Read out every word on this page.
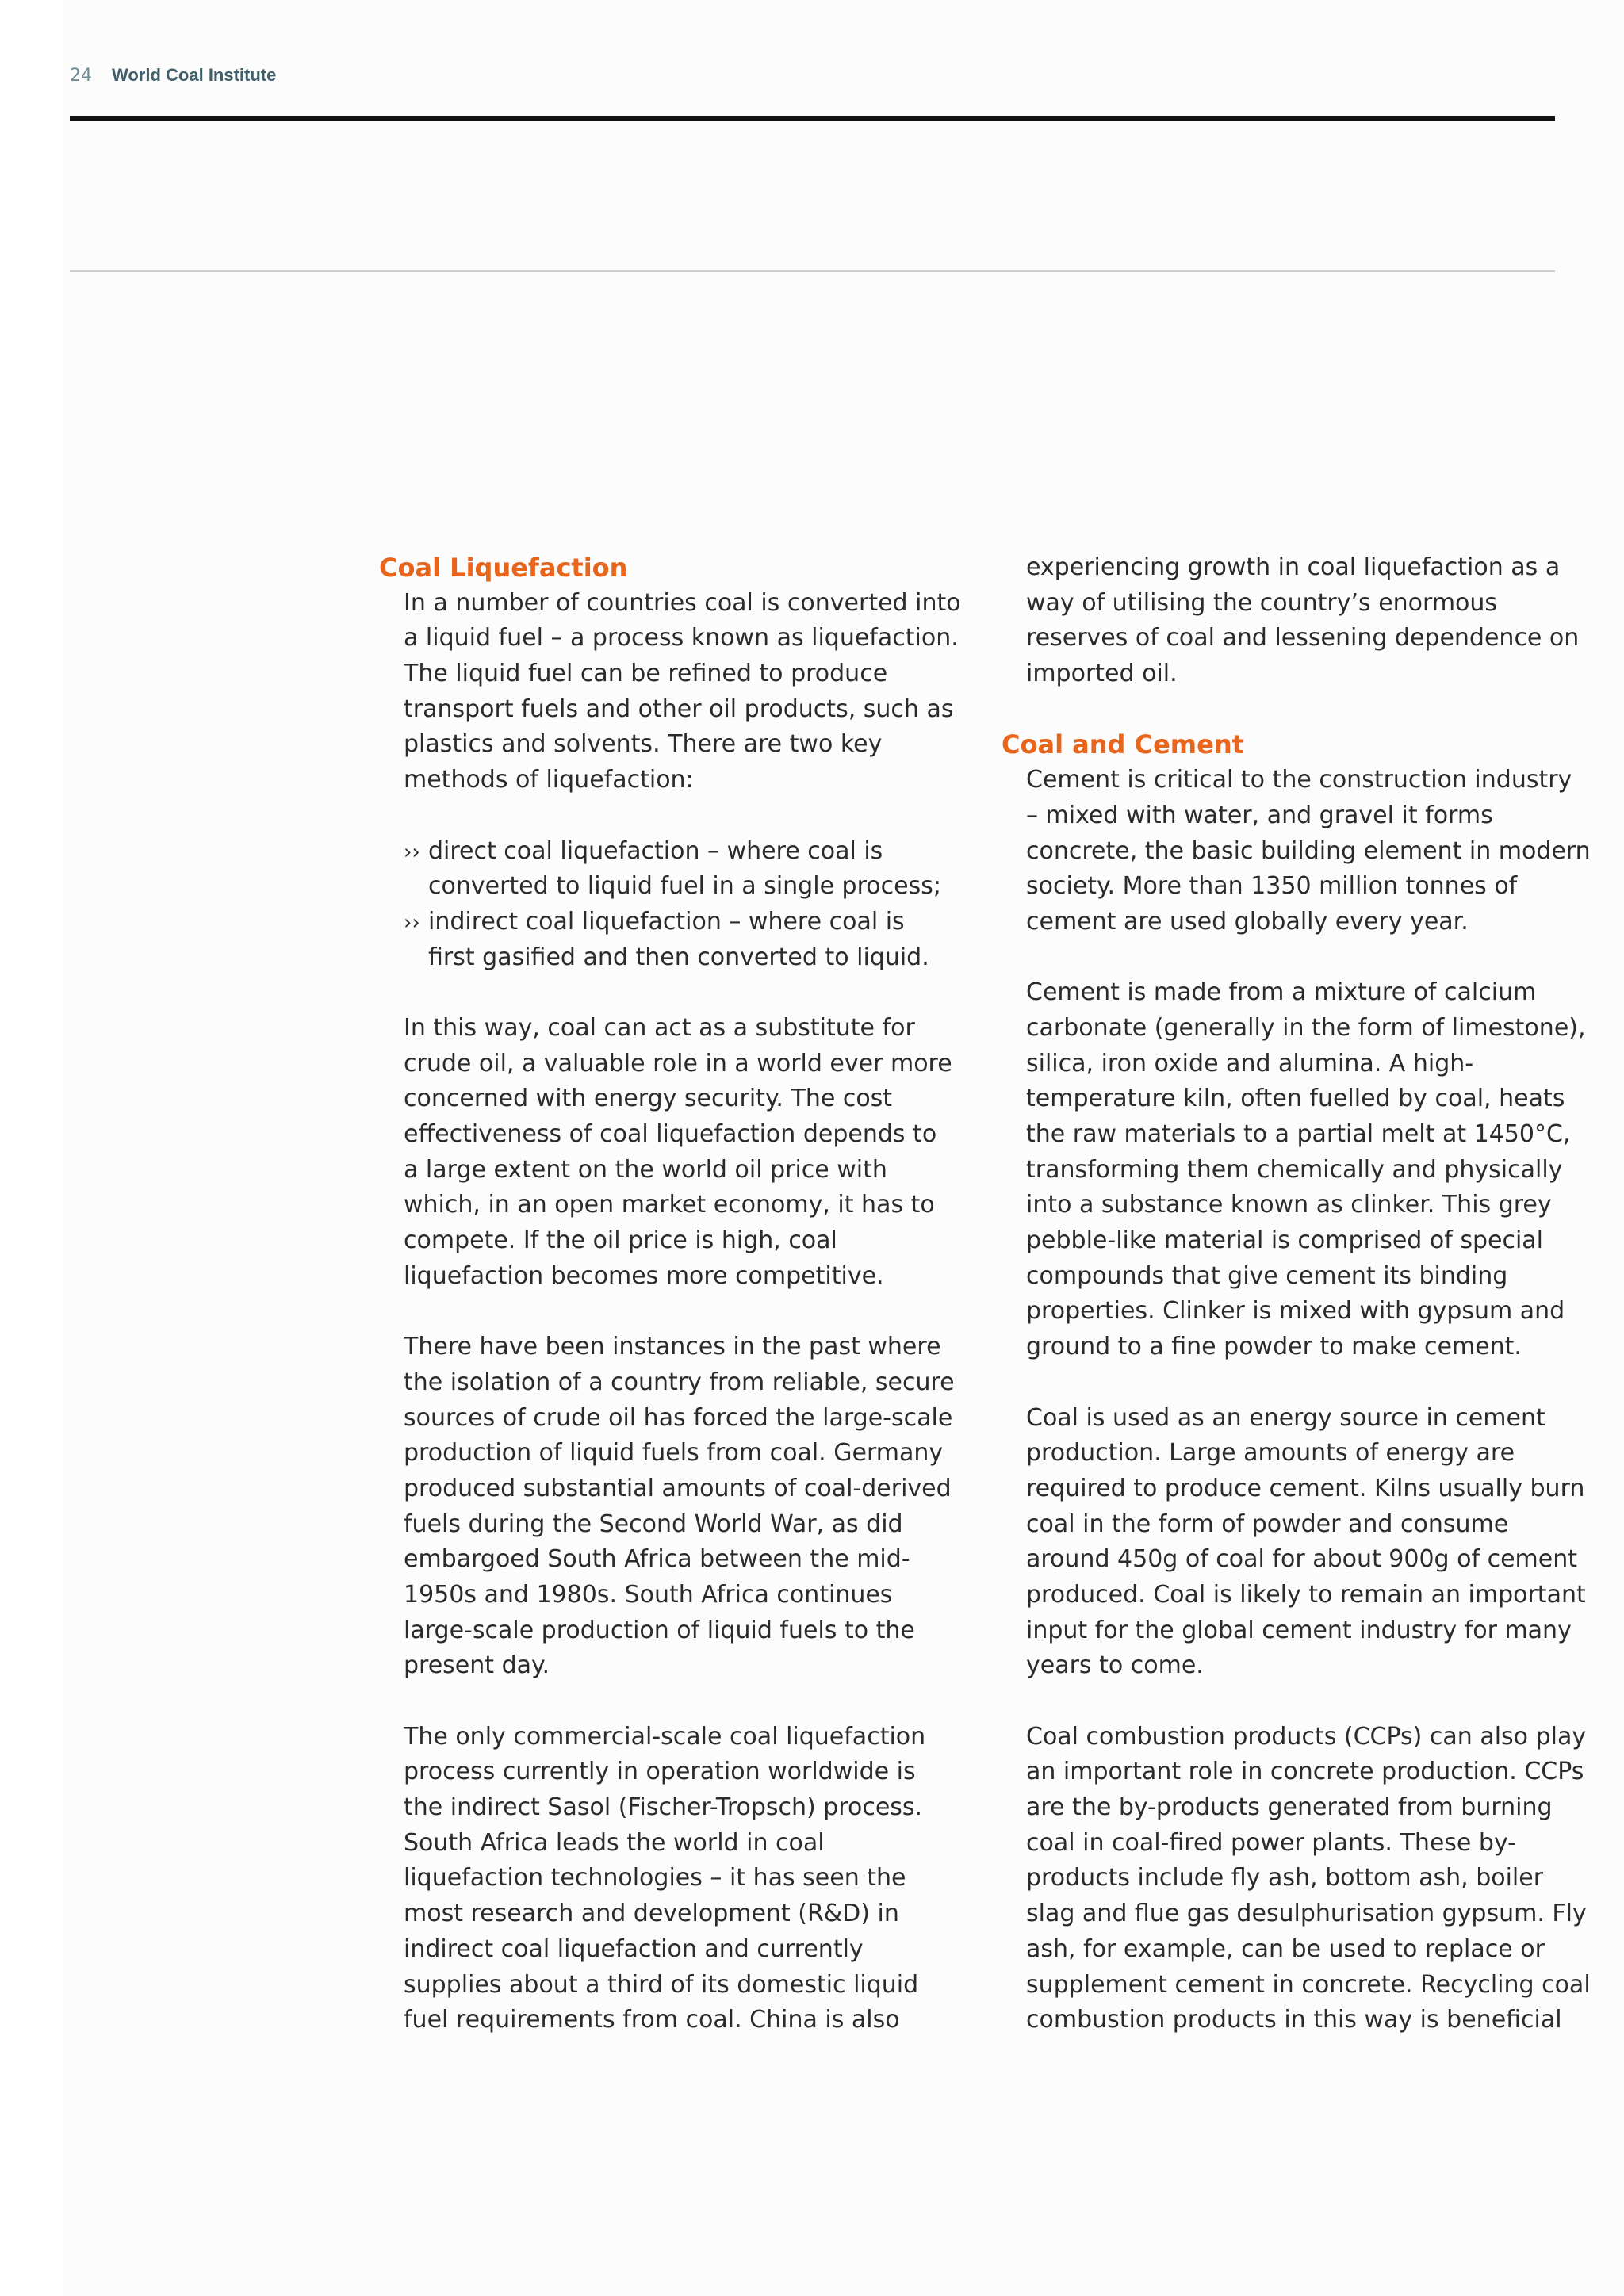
24 World Coal Institute
Coal Liquefaction
In a number of countries coal is converted into
a liquid fuel – a process known as liquefaction.
The liquid fuel can be refined to produce
transport fuels and other oil products, such as
plastics and solvents. There are two key
methods of liquefaction:
›› direct coal liquefaction – where coal is
converted to liquid fuel in a single process;
›› indirect coal liquefaction – where coal is
first gasified and then converted to liquid.
In this way, coal can act as a substitute for
crude oil, a valuable role in a world ever more
concerned with energy security. The cost
effectiveness of coal liquefaction depends to
a large extent on the world oil price with
which, in an open market economy, it has to
compete. If the oil price is high, coal
liquefaction becomes more competitive.
There have been instances in the past where
the isolation of a country from reliable, secure
sources of crude oil has forced the large-scale
production of liquid fuels from coal. Germany
produced substantial amounts of coal-derived
fuels during the Second World War, as did
embargoed South Africa between the mid-
1950s and 1980s. South Africa continues
large-scale production of liquid fuels to the
present day.
The only commercial-scale coal liquefaction
process currently in operation worldwide is
the indirect Sasol (Fischer-Tropsch) process.
South Africa leads the world in coal
liquefaction technologies – it has seen the
most research and development (R&D) in
indirect coal liquefaction and currently
supplies about a third of its domestic liquid
fuel requirements from coal. China is also
experiencing growth in coal liquefaction as a
way of utilising the country’s enormous
reserves of coal and lessening dependence on
imported oil.
Coal and Cement
Cement is critical to the construction industry
– mixed with water, and gravel it forms
concrete, the basic building element in modern
society. More than 1350 million tonnes of
cement are used globally every year.
Cement is made from a mixture of calcium
carbonate (generally in the form of limestone),
silica, iron oxide and alumina. A high-
temperature kiln, often fuelled by coal, heats
the raw materials to a partial melt at 1450°C,
transforming them chemically and physically
into a substance known as clinker. This grey
pebble-like material is comprised of special
compounds that give cement its binding
properties. Clinker is mixed with gypsum and
ground to a fine powder to make cement.
Coal is used as an energy source in cement
production. Large amounts of energy are
required to produce cement. Kilns usually burn
coal in the form of powder and consume
around 450g of coal for about 900g of cement
produced. Coal is likely to remain an important
input for the global cement industry for many
years to come.
Coal combustion products (CCPs) can also play
an important role in concrete production. CCPs
are the by-products generated from burning
coal in coal-fired power plants. These by-
products include fly ash, bottom ash, boiler
slag and flue gas desulphurisation gypsum. Fly
ash, for example, can be used to replace or
supplement cement in concrete. Recycling coal
combustion products in this way is beneficial
